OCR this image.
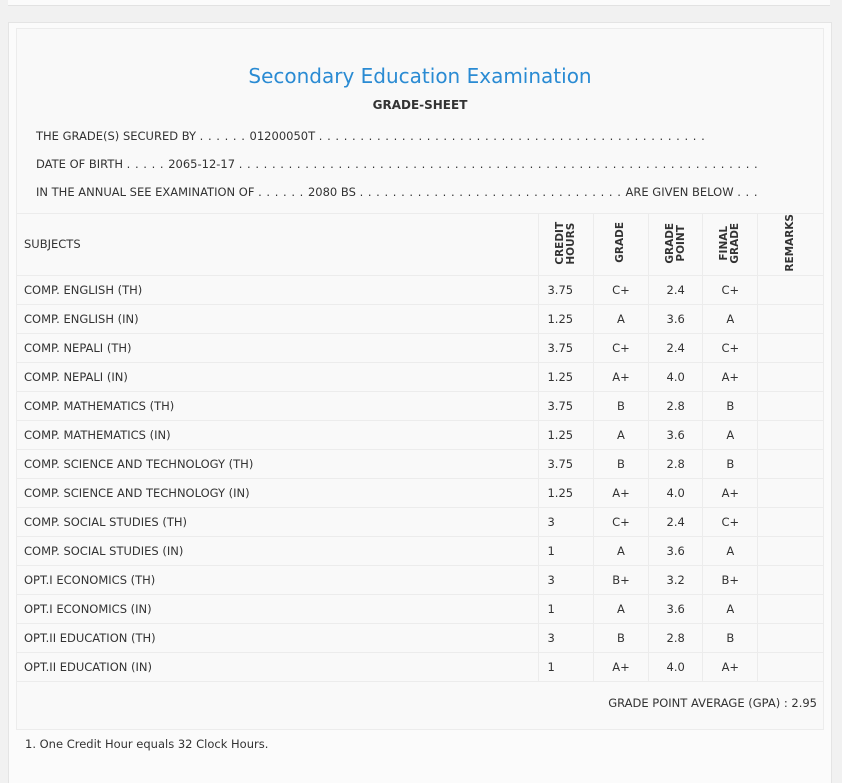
Secondary Education Examination
GRADE-SHEET
THE GRADE(S) SECURED BY . . . . . . 01200050T . . . . . . . . . . . . . . . . . . . . . . . . . . . . . . . . . . . . . . . . . . . . . . .
DATE OF BIRTH . . . . . 2065-12-17 . . . . . . . . . . . . . . . . . . . . . . . . . . . . . . . . . . . . . . . . . . . . . . . . . . . . . . . . . . . . . . .
IN THE ANNUAL SEE EXAMINATION OF . . . . . . 2080 BS . . . . . . . . . . . . . . . . . . . . . . . . . . . . . . . . ARE GIVEN BELOW . . .
SUBJECTS	CREDIT HOURS	GRADE	GRADE POINT	FINAL GRADE	REMARKS
COMP. ENGLISH (TH)	3.75	C+	2.4	C+	
COMP. ENGLISH (IN)	1.25	A	3.6	A	
COMP. NEPALI (TH)	3.75	C+	2.4	C+	
COMP. NEPALI (IN)	1.25	A+	4.0	A+	
COMP. MATHEMATICS (TH)	3.75	B	2.8	B	
COMP. MATHEMATICS (IN)	1.25	A	3.6	A	
COMP. SCIENCE AND TECHNOLOGY (TH)	3.75	B	2.8	B	
COMP. SCIENCE AND TECHNOLOGY (IN)	1.25	A+	4.0	A+	
COMP. SOCIAL STUDIES (TH)	3	C+	2.4	C+	
COMP. SOCIAL STUDIES (IN)	1	A	3.6	A	
OPT.I ECONOMICS (TH)	3	B+	3.2	B+	
OPT.I ECONOMICS (IN)	1	A	3.6	A	
OPT.II EDUCATION (TH)	3	B	2.8	B	
OPT.II EDUCATION (IN)	1	A+	4.0	A+	
GRADE POINT AVERAGE (GPA) : 2.95
1. One Credit Hour equals 32 Clock Hours.
